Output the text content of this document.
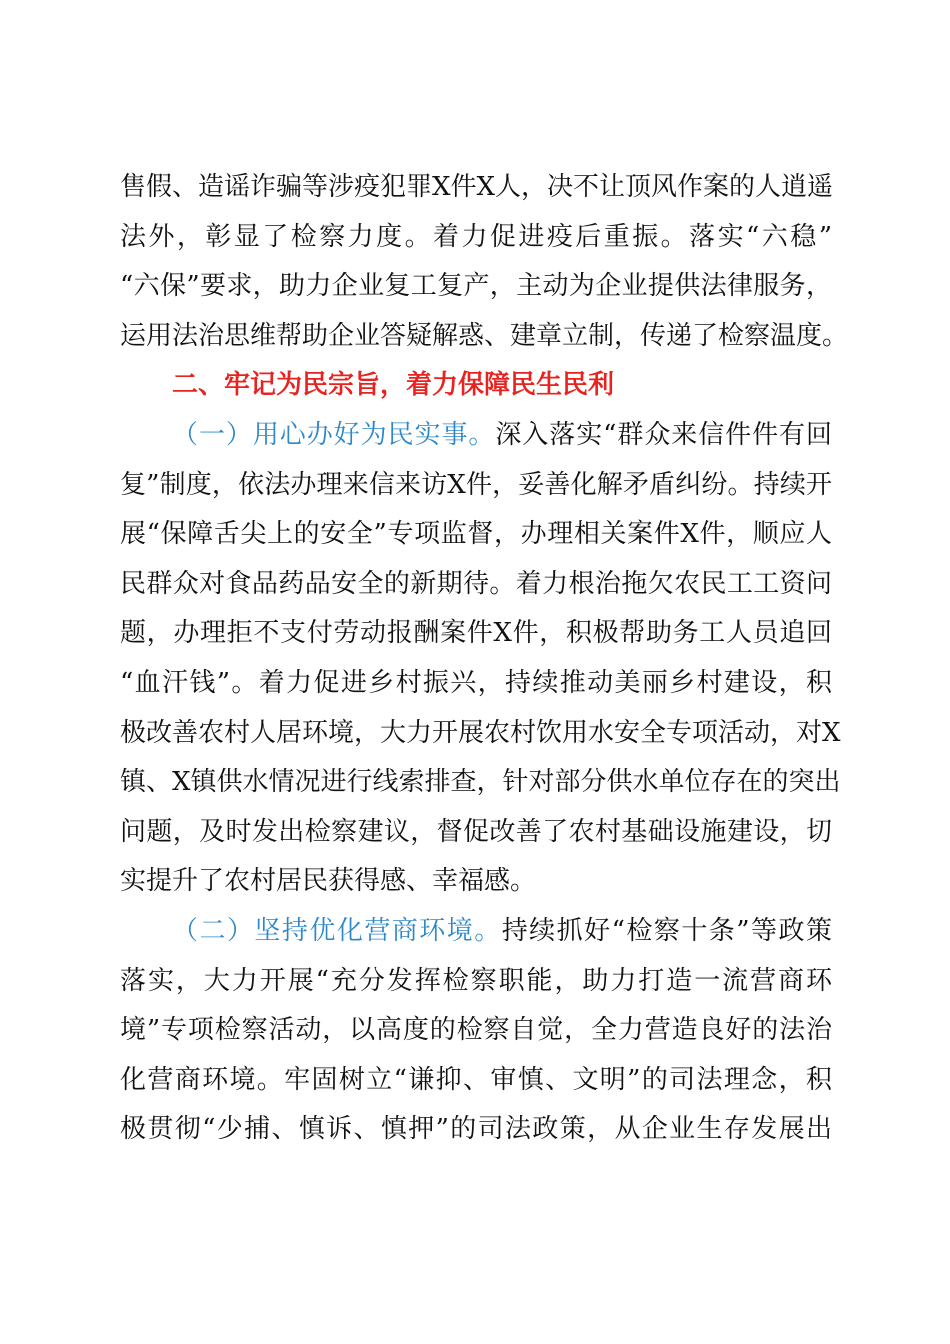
售假、造谣诈骗等涉疫犯罪X件X人，决不让顶风作案的人逍遥
法外，彰显了检察力度。着力促进疫后重振。落实“六稳”
“六保”要求，助力企业复工复产，主动为企业提供法律服务，
运用法治思维帮助企业答疑解惑、建章立制，传递了检察温度。
二、牢记为民宗旨，着力保障民生民利
（一）用心办好为民实事。深入落实“群众来信件件有回
复”制度，依法办理来信来访X件，妥善化解矛盾纠纷。持续开
展“保障舌尖上的安全”专项监督，办理相关案件X件，顺应人
民群众对食品药品安全的新期待。着力根治拖欠农民工工资问
题，办理拒不支付劳动报酬案件X件，积极帮助务工人员追回
“血汗钱”。着力促进乡村振兴，持续推动美丽乡村建设，积
极改善农村人居环境，大力开展农村饮用水安全专项活动，对X
镇、X镇供水情况进行线索排查，针对部分供水单位存在的突出
问题，及时发出检察建议，督促改善了农村基础设施建设，切
实提升了农村居民获得感、幸福感。
（二）坚持优化营商环境。持续抓好“检察十条”等政策
落实，大力开展“充分发挥检察职能，助力打造一流营商环
境”专项检察活动，以高度的检察自觉，全力营造良好的法治
化营商环境。牢固树立“谦抑、审慎、文明”的司法理念，积
极贯彻“少捕、慎诉、慎押”的司法政策，从企业生存发展出
